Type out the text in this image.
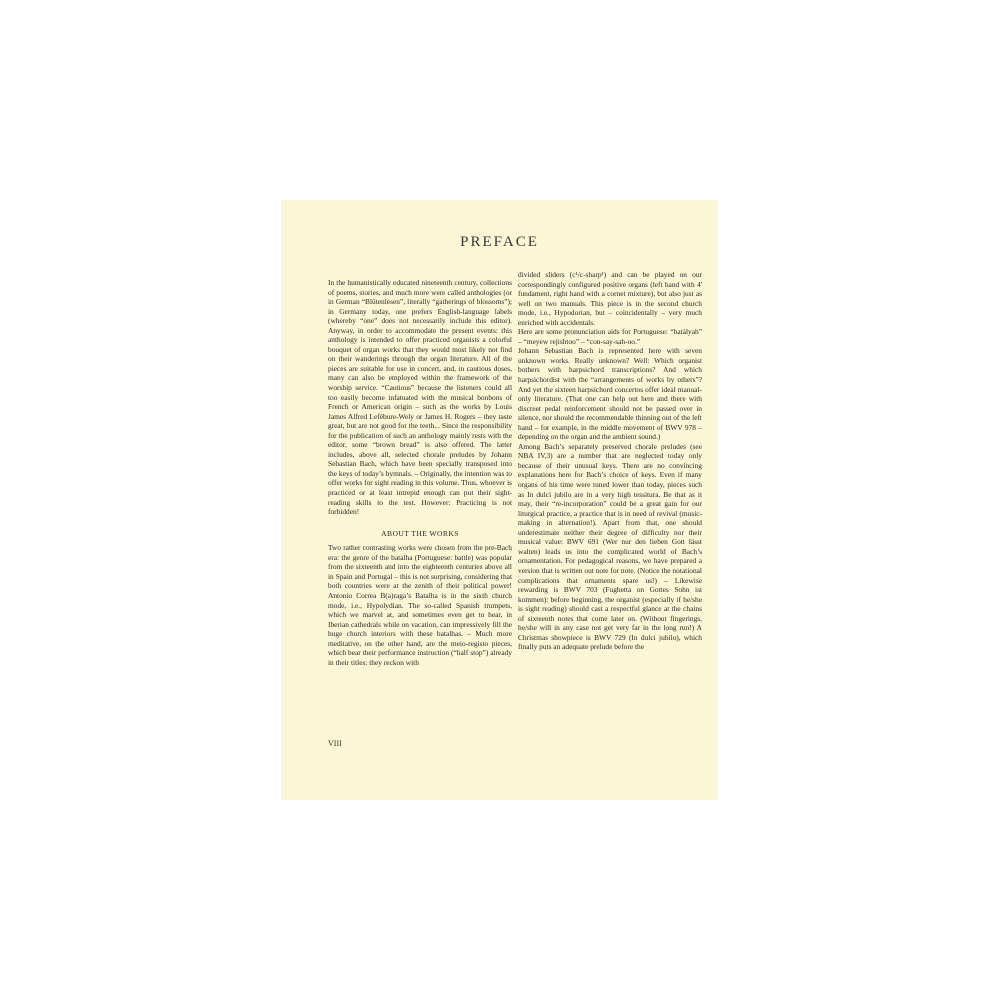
PREFACE

In the humanistically educated nineteenth century, collections of poems, stories, and much more were called anthologies (or in German “Blütenlesen”, literally “gatherings of blossoms”); in Germany today, one prefers English-language labels (whereby “one” does not necessarily include this editor). Anyway, in order to accommodate the present events: this anthology is intended to offer practiced organists a colorful bouquet of organ works that they would most likely not find on their wanderings through the organ literature. All of the pieces are suitable for use in concert, and, in cautious doses, many can also be employed within the framework of the worship service. “Cautious” because the listeners could all too easily become infatuated with the musical bonbons of French or American origin – such as the works by Louis James Alfred Lefébure-Wely or James H. Rogers – they taste great, but are not good for the teeth... Since the responsibility for the publication of such an anthology mainly rests with the editor, some “brown bread” is also offered. The latter includes, above all, selected chorale preludes by Johann Sebastian Bach, which have been specially transposed into the keys of today’s hymnals. – Originally, the intention was to offer works for sight reading in this volume. Thus, whoever is practiced or at least intrepid enough can put their sight-reading skills to the test. However: Practicing is not forbidden!

ABOUT THE WORKS

Two rather contrasting works were chosen from the pre-Bach era: the genre of the batalha (Portuguese: battle) was popular from the sixteenth and into the eighteenth centuries above all in Spain and Portugal – this is not surprising, considering that both countries were at the zenith of their political power! Antonio Correa B(a)raga’s Batalha is in the sixth church mode, i.e., Hypolydian. The so-called Spanish trumpets, which we marvel at, and sometimes even get to hear, in Iberian cathedrals while on vacation, can impressively fill the huge church interiors with these batalhas. – Much more meditative, on the other hand, are the meio-registo pieces, which bear their performance instruction (“half stop”) already in their titles: they reckon with

divided sliders (c¹/c-sharp¹) and can be played on our correspondingly configured positive organs (left hand with 4' fundament, right hand with a cornet mixture), but also just as well on two manuals. This piece is in the second church mode, i.e., Hypodorian, but – coincidentally – very much enriched with accidentals.

Here are some pronunciation aids for Portuguese: “batàlyah” – “meyew rejishtoo” – “con-say-sah-oo.”

Johann Sebastian Bach is represented here with seven unknown works. Really unknown? Well: Which organist bothers with harpsichord transcriptions? And which harpsichordist with the “arrangements of works by others”? And yet the sixteen harpsichord concertos offer ideal manual-only literature. (That one can help out here and there with discreet pedal reinforcement should not be passed over in silence, nor should the recommendable thinning out of the left hand – for example, in the middle movement of BWV 978 – depending on the organ and the ambient sound.)

Among Bach’s separately preserved chorale preludes (see NBA IV,3) are a number that are neglected today only because of their unusual keys. There are no convincing explanations here for Bach’s choice of keys. Even if many organs of his time were tuned lower than today, pieces such as In dulci jubilo are in a very high tessitura. Be that as it may, their “re-incorporation” could be a great gain for our liturgical practice, a practice that is in need of revival (music-making in alternation!). Apart from that, one should underestimate neither their degree of difficulty nor their musical value: BWV 691 (Wer nur den lieben Gott lässt walten) leads us into the complicated world of Bach’s ornamentation. For pedagogical reasons, we have prepared a version that is written out note for note. (Notice the notational complications that ornaments spare us!) – Likewise rewarding is BWV 703 (Fughetta on Gottes Sohn ist kommen): before beginning, the organist (especially if he/she is sight reading) should cast a respectful glance at the chains of sixteenth notes that come later on. (Without fingerings, he/she will in any case not get very far in the long run!) A Christmas showpiece is BWV 729 (In dulci jubilo), which finally puts an adequate prelude before the

VIII
